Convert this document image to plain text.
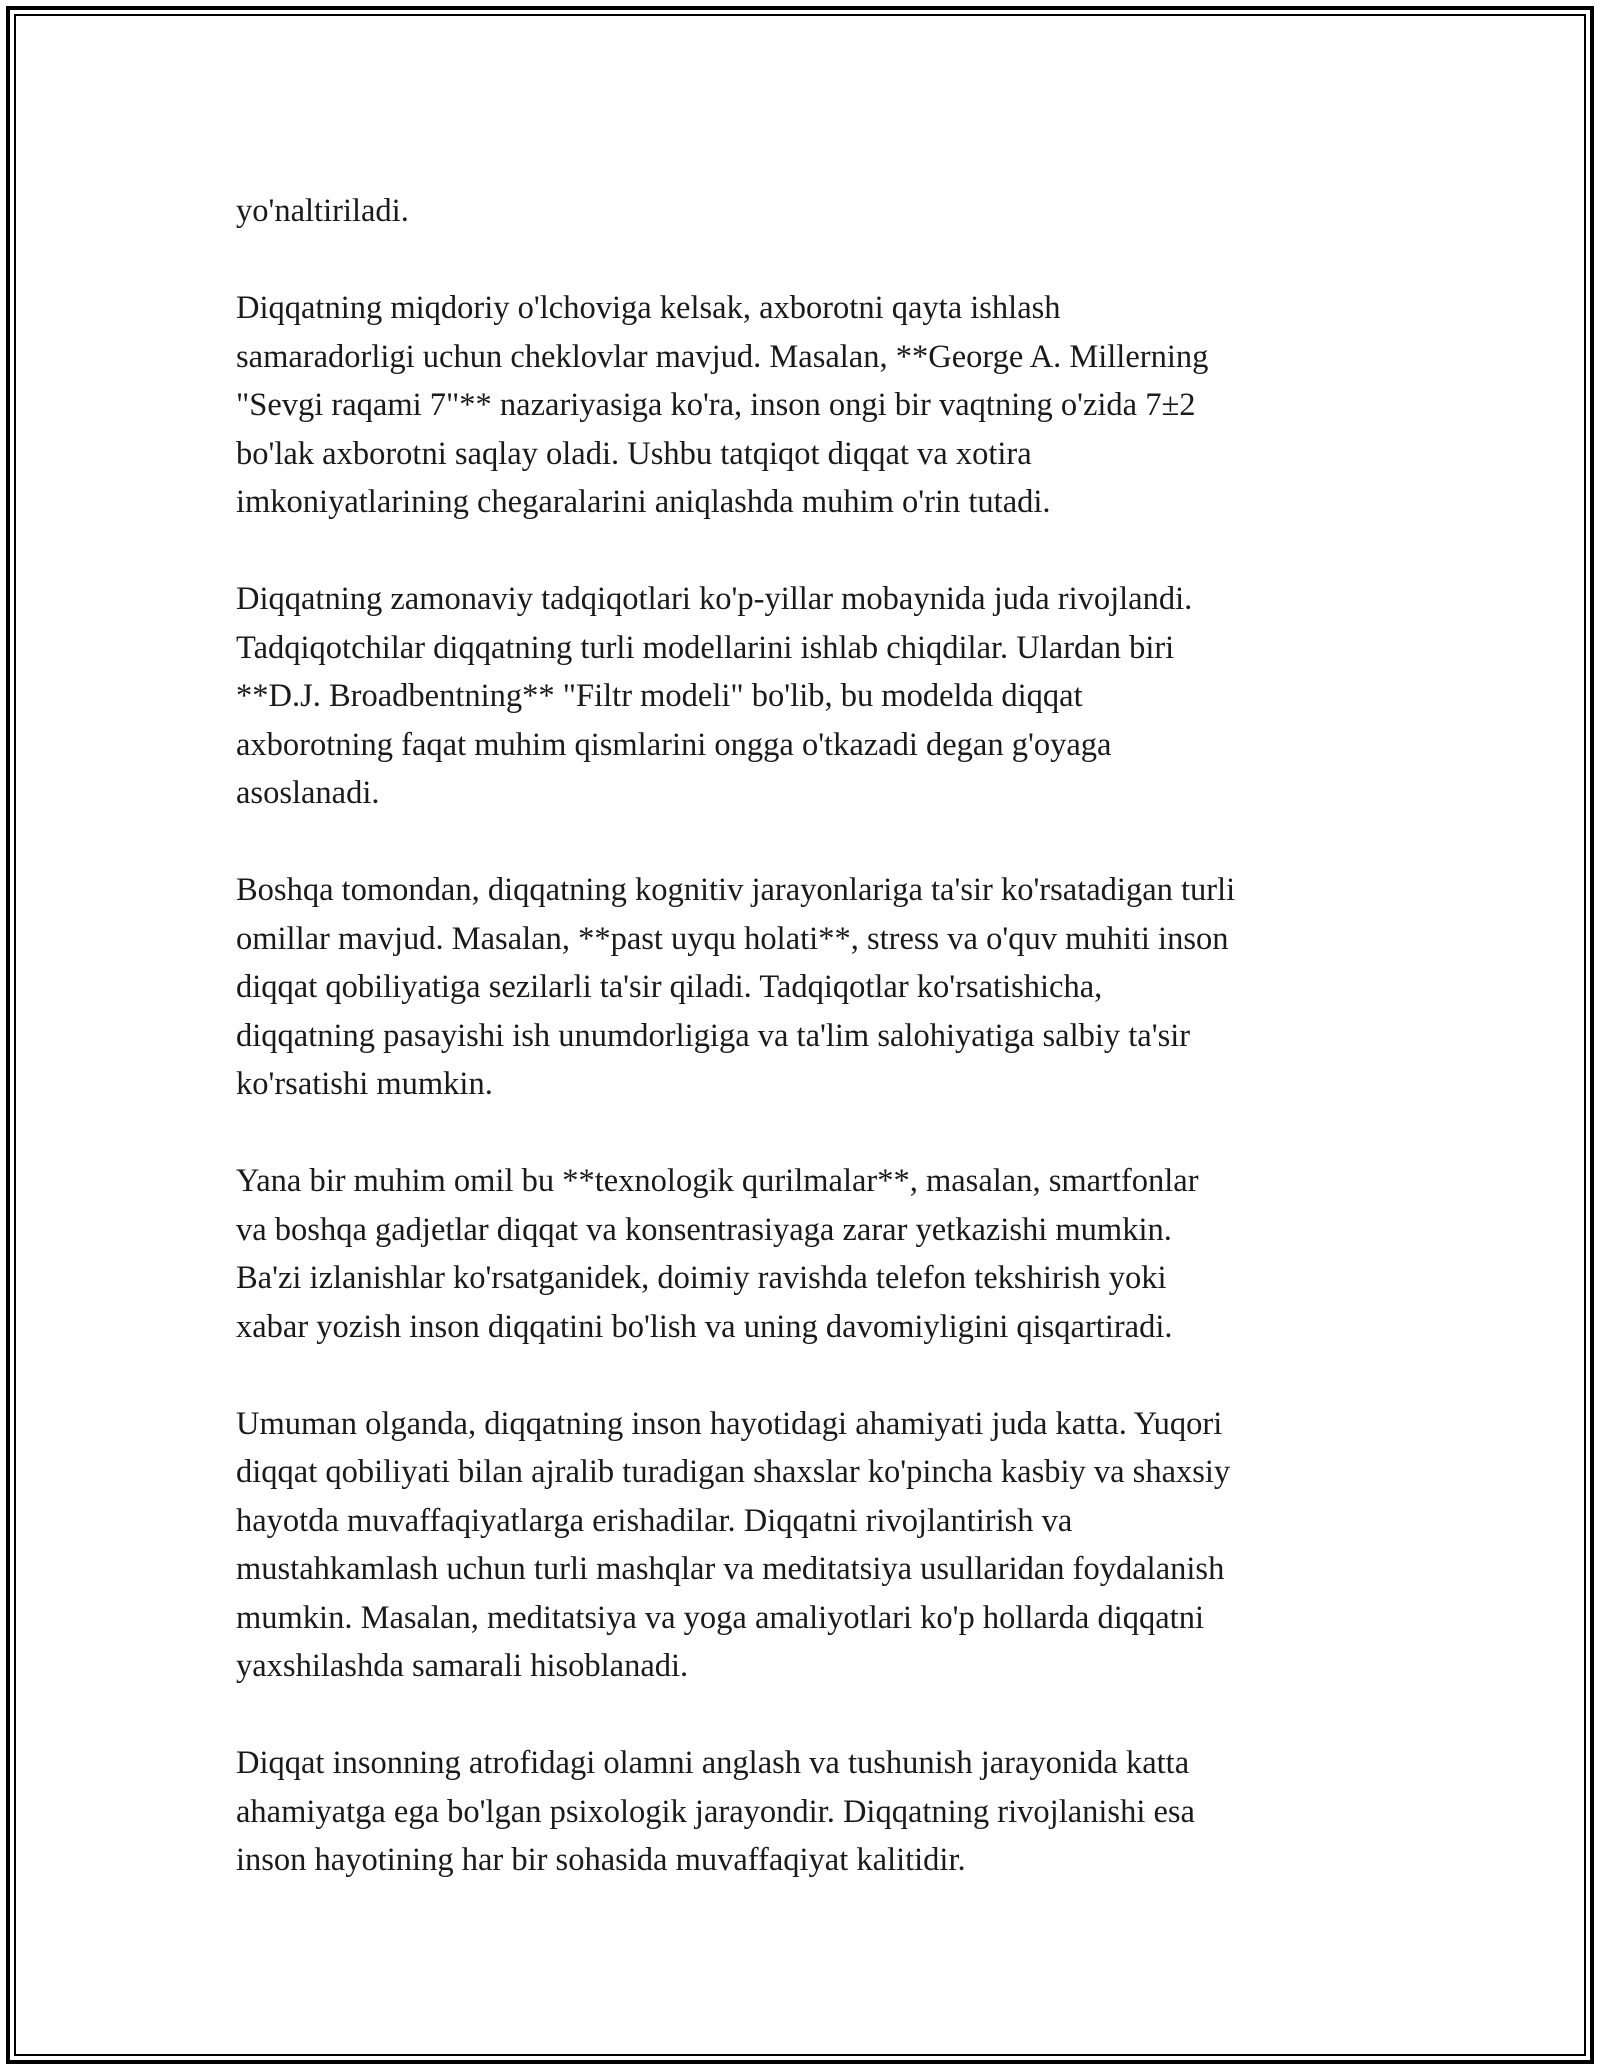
yo'naltiriladi.

Diqqatning miqdoriy o'lchoviga kelsak, axborotni qayta ishlash
samaradorligi uchun cheklovlar mavjud. Masalan, **George A. Millerning
"Sevgi raqami 7"** nazariyasiga ko'ra, inson ongi bir vaqtning o'zida 7±2
bo'lak axborotni saqlay oladi. Ushbu tatqiqot diqqat va xotira
imkoniyatlarining chegaralarini aniqlashda muhim o'rin tutadi.

Diqqatning zamonaviy tadqiqotlari ko'p-yillar mobaynida juda rivojlandi.
Tadqiqotchilar diqqatning turli modellarini ishlab chiqdilar. Ulardan biri
**D.J. Broadbentning** "Filtr modeli" bo'lib, bu modelda diqqat
axborotning faqat muhim qismlarini ongga o'tkazadi degan g'oyaga
asoslanadi.

Boshqa tomondan, diqqatning kognitiv jarayonlariga ta'sir ko'rsatadigan turli
omillar mavjud. Masalan, **past uyqu holati**, stress va o'quv muhiti inson
diqqat qobiliyatiga sezilarli ta'sir qiladi. Tadqiqotlar ko'rsatishicha,
diqqatning pasayishi ish unumdorligiga va ta'lim salohiyatiga salbiy ta'sir
ko'rsatishi mumkin.

Yana bir muhim omil bu **texnologik qurilmalar**, masalan, smartfonlar
va boshqa gadjetlar diqqat va konsentrasiyaga zarar yetkazishi mumkin.
Ba'zi izlanishlar ko'rsatganidek, doimiy ravishda telefon tekshirish yoki
xabar yozish inson diqqatini bo'lish va uning davomiyligini qisqartiradi.

Umuman olganda, diqqatning inson hayotidagi ahamiyati juda katta. Yuqori
diqqat qobiliyati bilan ajralib turadigan shaxslar ko'pincha kasbiy va shaxsiy
hayotda muvaffaqiyatlarga erishadilar. Diqqatni rivojlantirish va
mustahkamlash uchun turli mashqlar va meditatsiya usullaridan foydalanish
mumkin. Masalan, meditatsiya va yoga amaliyotlari ko'p hollarda diqqatni
yaxshilashda samarali hisoblanadi.

Diqqat insonning atrofidagi olamni anglash va tushunish jarayonida katta
ahamiyatga ega bo'lgan psixologik jarayondir. Diqqatning rivojlanishi esa
inson hayotining har bir sohasida muvaffaqiyat kalitidir.
